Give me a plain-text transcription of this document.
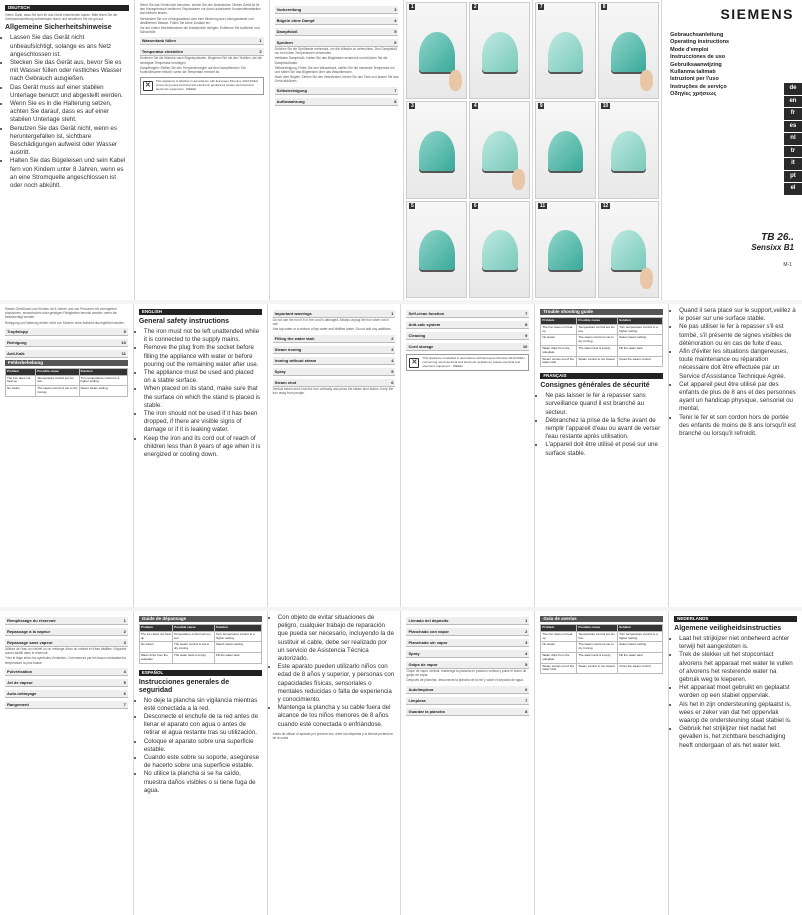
DEUTSCH

Vielen Dank, dass Sie sich für das Gerät entschieden haben. Bitte lesen Sie die Gebrauchsanleitung aufmerksam durch und bewahren Sie sie gut auf.

Allgemeine Sicherheitshinweise
• Lassen Sie das Gerät nicht unbeaufsichtigt, solange es ans Netz angeschlossen ist.
• Stecken Sie das Gerät aus, bevor Sie es mit Wasser füllen oder restliches Wasser nach Gebrauch ausgießen.
• Das Gerät muss auf einer stabilen Unterlage benutzt und abgestellt werden.
• Wenn Sie es in die Halterung setzen, achten Sie darauf, dass es auf einer stabilen Unterlage steht.
• Benutzen Sie das Gerät nicht, wenn es heruntergefallen ist, sichtbare Beschädigungen aufweist oder Wasser austritt.
• Halten Sie das Bügeleisen und sein Kabel fern von Kindern unter 8 Jahren, wenn es an eine Stromquelle angeschlossen ist oder noch abkühlt.

Wenn Sie das Gerät nicht benutzen, ziehen Sie den Netzstecker. Dieses Gerät ist für den Hausgebrauch bestimmt. Reparaturen nur durch autorisierte Kundendienststellen durchführen lassen.

Verwenden Sie nur Leitungswasser oder eine Mischung aus Leitungswasser und destilliertem Wasser. Füllen Sie keine Zusätze ein.

Vor der ersten Inbetriebnahme die Dampfsohle reinigen. Entfernen Sie Aufkleber und Schutzfolie.

Wassertank füllen	1
Temperatur einstellen	2

Sortieren Sie die Wäsche nach Bügelsymbolen. Beginnen Sie mit den Textilien, die die niedrigste Temperatur benötigen.

Dampfbügeln: Stellen Sie den Temperaturregler auf den Dampfbereich. Die Kontrollleuchte erlischt, wenn die Temperatur erreicht ist.

✕
This appliance is labelled in accordance with European Directive 2012/19/EU concerning used electrical and electronic appliances (waste electrical and electronic equipment - WEEE).
Vorbereitung	3
Bügeln ohne Dampf	4
Dampfstoß	5
Sprühen	6

Drücken Sie die Sprühtaste mehrmals, um die Wäsche zu befeuchten. Den Dampfstoß nur bei hohen Temperaturen verwenden.

Vertikaler Dampfstoß: Halten Sie das Bügeleisen senkrecht und drücken Sie die Dampfstoßtaste.

Selbstreinigung: Füllen Sie den Wassertank, stellen Sie die maximale Temperatur ein und halten Sie das Bügeleisen über das Waschbecken.

Nach dem Bügeln: Ziehen Sie den Netzstecker, leeren Sie den Tank und lassen Sie das Gerät abkühlen.

Selbstreinigung	7
Aufbewahrung	8
1	2
3	4
5	6
7	8
9	10
11	12
SIEMENS
Gebrauchsanleitung
Operating instructions
Mode d'emploi
Instrucciones de uso
Gebruiksaanwijzing
Kullanma talimatı
Istruzioni per l'uso
Instruções de serviço
Οδηγίες χρήσεως
de
en
fr
es
nl
tr
it
pt
el
TB 26..
Sensixx B1
M-1

Dieses Gerät kann von Kindern ab 8 Jahren und von Personen mit verringerten physischen, sensorischen oder geistigen Fähigkeiten benutzt werden, wenn sie beaufsichtigt werden.

Reinigung und Wartung dürfen nicht von Kindern ohne Aufsicht durchgeführt werden.

Tropfstopp	9
Reinigung	10
Anti-Kalk	11
Fehlerbehebung
Problem	Possible cause	Solution
The iron does not heat up	Temperature control set too low.	Turn temperature control to a higher setting.
No steam	The steam control is set to dry ironing.	Select steam setting.
ENGLISH
General safety instructions
• The iron must not be left unattended while it is connected to the supply mains.
• Remove the plug from the socket before filling the appliance with water or before pouring out the remaining water after use.
• The appliance must be used and placed on a stable surface.
• When placed on its stand, make sure that the surface on which the stand is placed is stable.
• The iron should not be used if it has been dropped, if there are visible signs of damage or if it is leaking water.
• Keep the iron and its cord out of reach of children less than 8 years of age when it is energized or cooling down.
Important warnings	1

Do not use the iron if it or the cord is damaged. Always unplug the iron when not in use.

Use tap water or a mixture of tap water and distilled water. Do not add any additives.

Filling the water tank	2
Steam ironing	3
Ironing without steam	4
Spray	5
Steam shot	6

Vertical steam shot: hold the iron vertically and press the steam shot button. Keep the iron away from people.

Self-clean function	7
Anti-calc system	8
Cleaning	9
Cord storage	10
✕
This appliance is labelled in accordance with European Directive 2012/19/EU concerning used electrical and electronic appliances (waste electrical and electronic equipment - WEEE).
Trouble shooting guide
Problem	Possible cause	Solution
The iron does not heat up	Temperature control set too low.	Turn temperature control to a higher setting.
No steam	The steam control is set to dry ironing.	Select steam setting.
Water drips from the soleplate	The water tank is empty.	Fill the water tank.
Steam comes out of the water tank	Steam control is not closed.	Close the steam control.
FRANÇAIS
Consignes générales de sécurité
• Ne pas laisser le fer à repasser sans surveillance quand il est branché au secteur.
• Débranchez la prise de la fiche avant de remplir l'appareil d'eau ou avant de verser l'eau restante après utilisation.
• L'appareil doit être utilisé et posé sur une surface stable.
• Quand il sera placé sur le support,veillez à le poser sur une surface stable.
• Ne pas utiliser le fer à repasser s'il est tombé, s'il présente de signes visibles de détérioration ou en cas de fuite d'eau.
• Afin d'éviter les situations dangereuses, toute maintenance ou réparation nécessaire doit être effectuée par un Service d'Assistance Technique Agréé.
• Cet appareil peut être utilisé par des enfants de plus de 8 ans et des personnes ayant un handicap physique, sensoriel ou mental.
• Tenir le fer et son cordon hors de portée des enfants de moins de 8 ans lorsqu'il est branché ou lorsqu'il refroidit.
Remplissage du réservoir	1
Repassage à la vapeur	2
Repassage sans vapeur	3

Utilisez de l'eau du robinet ou un mélange d'eau du robinet et d'eau distillée. N'ajoutez aucun additif dans le réservoir.

Triez le linge selon les symboles d'entretien. Commencez par les tissus nécessitant la température la plus basse.

Pulvérisation	4
Jet de vapeur	5
Auto-nettoyage	6
Rangement	7
Guide de dépannage
Problem	Possible cause	Solution
The iron does not heat up	Temperature control set too low.	Turn temperature control to a higher setting.
No steam	The steam control is set to dry ironing.	Select steam setting.
Water drips from the soleplate	The water tank is empty.	Fill the water tank.
ESPAÑOL
Instrucciones generales de seguridad
• No deje la plancha sin vigilancia mientras esté conectada a la red.
• Desconecte el enchufe de la red antes de llenar el aparato con agua o antes de retirar el agua restante tras su utilización.
• Coloque el aparato sobre una superficie estable.
• Cuando este sobre su soporte, asegúrese de hacerlo sobre una superficie estable.
• No utilice la plancha si se ha caído, muestra daños visibles o si tiene fuga de agua.
• Con objeto de evitar situaciones de peligro, cualquier trabajo de reparación que pueda ser necesario, incluyendo la de sustituir el cable, debe ser realizado por un servicio de Asistencia Técnica autorizado.
• Este aparato pueden utilizarlo niños con edad de 8 años y superior, y personas con capacidades físicas, sensoriales o mentales reducidas o falta de experiencia y conocimiento.
• Mantenga la plancha y su cable fuera del alcance de los niños menores de 8 años cuando esté conectada o enfriándose.

Antes de utilizar el aparato por primera vez, retire las etiquetas y la lámina protectora de la suela.

Llenado del depósito	1
Planchado con vapor	2
Planchado sin vapor	3
Spray	4
Golpe de vapor	5

Golpe de vapor vertical: mantenga la plancha en posición vertical y pulse el botón de golpe de vapor.

Después de planchar, desconecte la plancha de la red y vacíe el depósito de agua.

Autolimpieza	6
Limpieza	7
Guardar la plancha	8
Guía de averías
Problem	Possible cause	Solution
The iron does not heat up	Temperature control set too low.	Turn temperature control to a higher setting.
No steam	The steam control is set to dry ironing.	Select steam setting.
Water drips from the soleplate	The water tank is empty.	Fill the water tank.
Steam comes out of the water tank	Steam control is not closed.	Close the steam control.
NEDERLANDS
Algemene veiligheidsinstructies
• Laat het strijkijzer niet onbeheerd achter terwijl het aangesloten is.
• Trek de stekker uit het stopcontact alvorens het apparaat met water te vullen of alvorens het resterende water na gebruik weg te kieperen.
• Het apparaat moet gebruikt en geplaatst worden op een stabiel oppervlak.
• Als het in zijn ondersteuning geplaatst is, wees er zeker van dat het oppervlak waarop de ondersteuning staat stabiel is.
• Gebruik het strijkijzer niet nadat het gevallen is, het zichtbare beschadiging heeft ondergaan of als het water lekt.
